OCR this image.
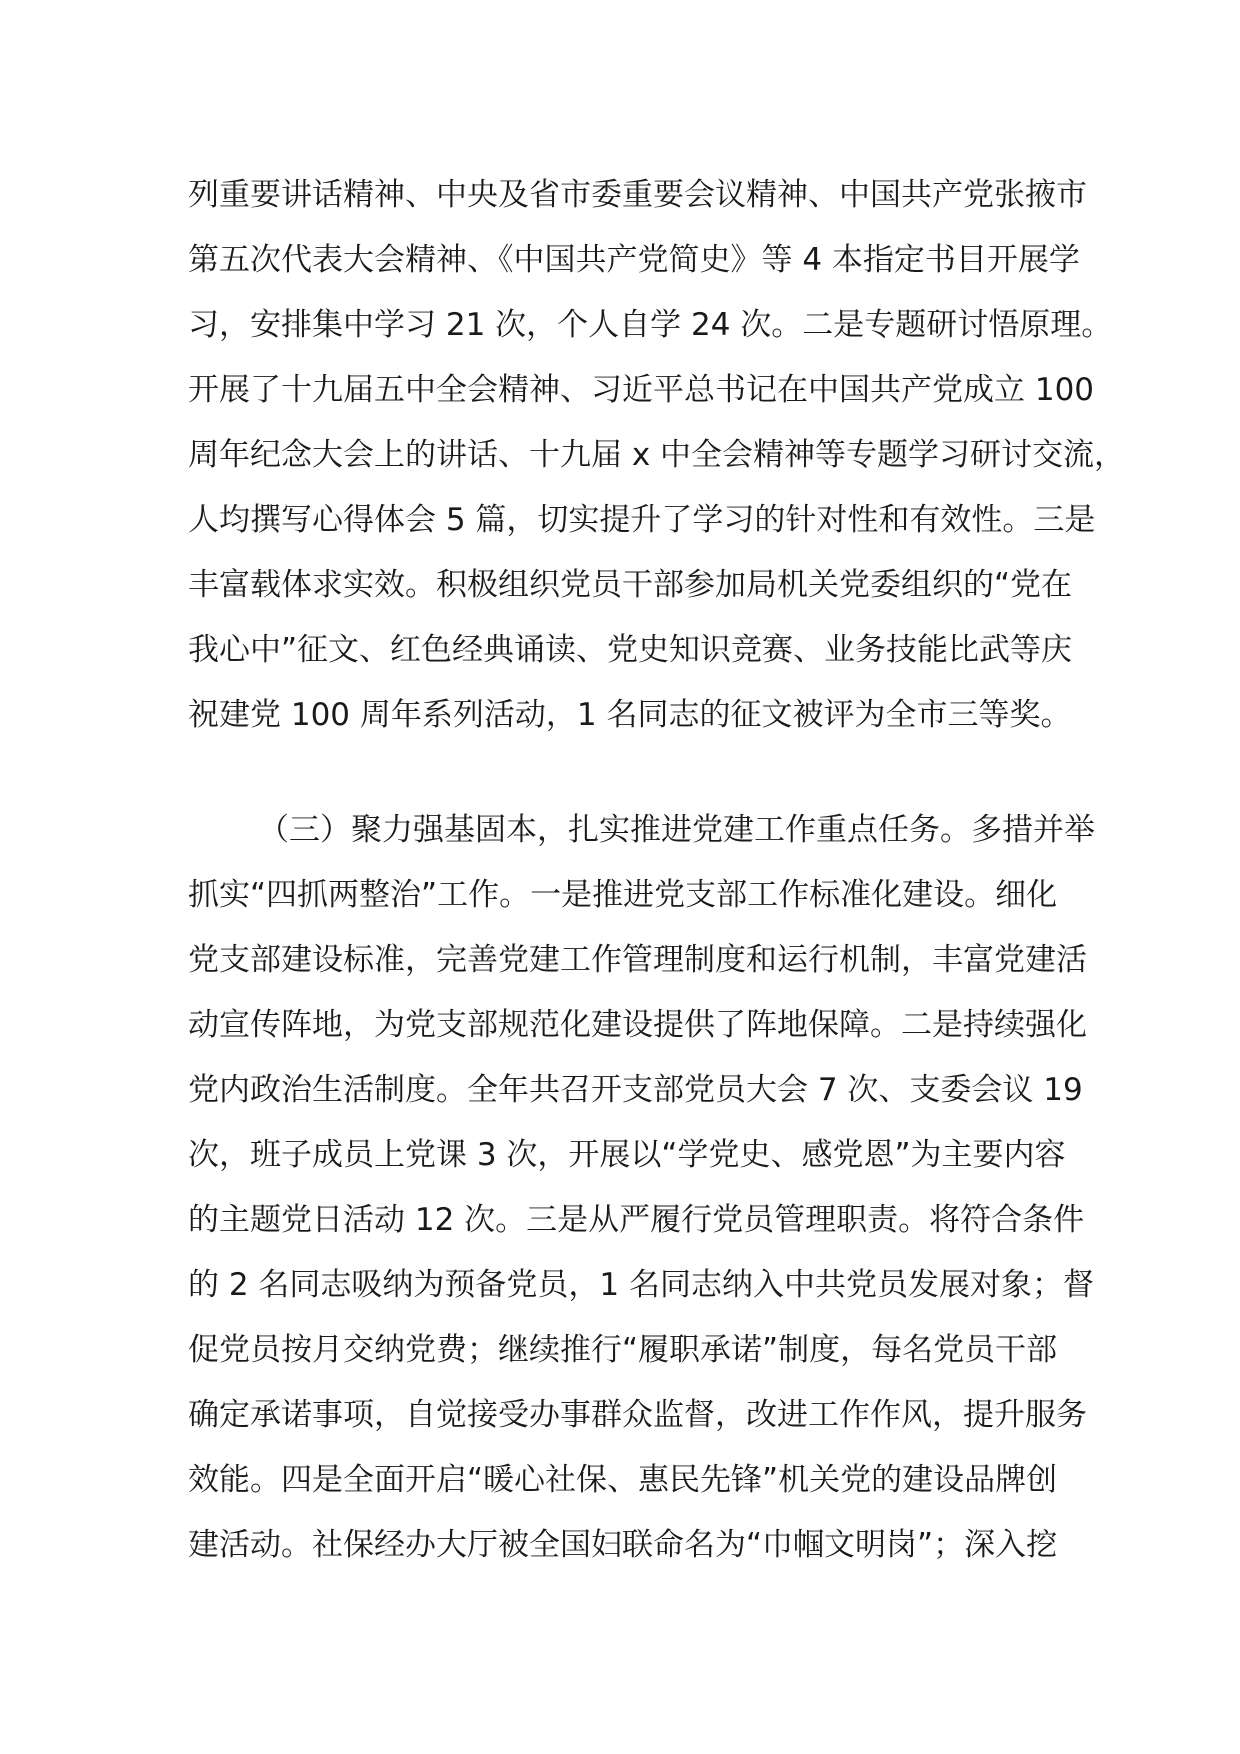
列重要讲话精神、中央及省市委重要会议精神、中国共产党张掖市
第五次代表大会精神、《中国共产党简史》等 4 本指定书目开展学
习，安排集中学习 21 次，个人自学 24 次。二是专题研讨悟原理。
开展了十九届五中全会精神、习近平总书记在中国共产党成立 100
周年纪念大会上的讲话、十九届 x 中全会精神等专题学习研讨交流，
人均撰写心得体会 5 篇，切实提升了学习的针对性和有效性。三是
丰富载体求实效。积极组织党员干部参加局机关党委组织的“党在
我心中”征文、红色经典诵读、党史知识竞赛、业务技能比武等庆
祝建党 100 周年系列活动，1 名同志的征文被评为全市三等奖。
（三）聚力强基固本，扎实推进党建工作重点任务。多措并举
抓实“四抓两整治”工作。一是推进党支部工作标准化建设。细化
党支部建设标准，完善党建工作管理制度和运行机制，丰富党建活
动宣传阵地，为党支部规范化建设提供了阵地保障。二是持续强化
党内政治生活制度。全年共召开支部党员大会 7 次、支委会议 19
次，班子成员上党课 3 次，开展以“学党史、感党恩”为主要内容
的主题党日活动 12 次。三是从严履行党员管理职责。将符合条件
的 2 名同志吸纳为预备党员，1 名同志纳入中共党员发展对象；督
促党员按月交纳党费；继续推行“履职承诺”制度，每名党员干部
确定承诺事项，自觉接受办事群众监督，改进工作作风，提升服务
效能。四是全面开启“暖心社保、惠民先锋”机关党的建设品牌创
建活动。社保经办大厅被全国妇联命名为“巾帼文明岗”；深入挖
